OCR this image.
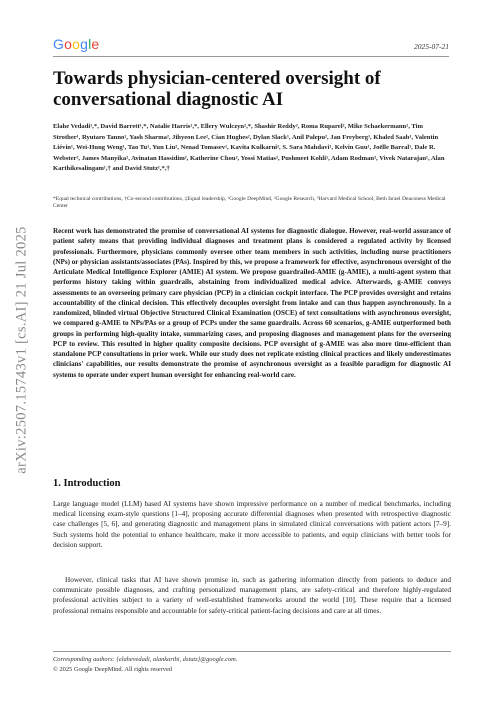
Google	2025-07-21
arXiv:2507.15743v1 [cs.AI] 21 Jul 2025
Towards physician-centered oversight of conversational diagnostic AI

Elahe Vedadi¹,*, David Barrett¹,*, Natalie Harris²,*, Ellery Wulczyn²,*, Shashir Reddy², Roma Ruparel², Mike Schaekermann², Tim Strother¹, Ryutaro Tanno¹, Yash Sharma², Jihyeon Lee², Cían Hughes², Dylan Slack¹, Anil Palepu², Jan Freyberg¹, Khaled Saab¹, Valentin Liévin¹, Wei-Hung Weng¹, Tao Tu¹, Yun Liu², Nenad Tomasev¹, Kavita Kulkarni², S. Sara Mahdavi¹, Kelvin Guu¹, Joëlle Barral¹, Dale R. Webster², James Manyika², Avinatan Hassidim², Katherine Chou², Yossi Matias², Pushmeet Kohli¹, Adam Rodman³, Vivek Natarajan¹, Alan Karthikesalingam¹,† and David Stutz¹,*,†

*Equal technical contributions, †Co-second contributions, ‡Equal leadership, ¹Google DeepMind, ²Google Research, ³Harvard Medical School, Beth Israel Deaconess Medical Center

Recent work has demonstrated the promise of conversational AI systems for diagnostic dialogue. However, real-world assurance of patient safety means that providing individual diagnoses and treatment plans is considered a regulated activity by licensed professionals. Furthermore, physicians commonly oversee other team members in such activities, including nurse practitioners (NPs) or physician assistants/associates (PAs). Inspired by this, we propose a framework for effective, asynchronous oversight of the Articulate Medical Intelligence Explorer (AMIE) AI system. We propose guardrailed-AMIE (g-AMIE), a multi-agent system that performs history taking within guardrails, abstaining from individualized medical advice. Afterwards, g-AMIE conveys assessments to an overseeing primary care physician (PCP) in a clinician cockpit interface. The PCP provides oversight and retains accountability of the clinical decision. This effectively decouples oversight from intake and can thus happen asynchronously. In a randomized, blinded virtual Objective Structured Clinical Examination (OSCE) of text consultations with asynchronous oversight, we compared g-AMIE to NPs/PAs or a group of PCPs under the same guardrails. Across 60 scenarios, g-AMIE outperformed both groups in performing high-quality intake, summarizing cases, and proposing diagnoses and management plans for the overseeing PCP to review. This resulted in higher quality composite decisions. PCP oversight of g-AMIE was also more time-efficient than standalone PCP consultations in prior work. While our study does not replicate existing clinical practices and likely underestimates clinicians' capabilities, our results demonstrate the promise of asynchronous oversight as a feasible paradigm for diagnostic AI systems to operate under expert human oversight for enhancing real-world care.

1. Introduction

Large language model (LLM) based AI systems have shown impressive performance on a number of medical benchmarks, including medical licensing exam-style questions [1–4], proposing accurate differential diagnoses when presented with retrospective diagnostic case challenges [5, 6], and generating diagnostic and management plans in simulated clinical conversations with patient actors [7–9]. Such systems hold the potential to enhance healthcare, make it more accessible to patients, and equip clinicians with better tools for decision support.

However, clinical tasks that AI have shown promise in, such as gathering information directly from patients to deduce and communicate possible diagnoses, and crafting personalized management plans, are safety-critical and therefore highly-regulated professional activities subject to a variety of well-established frameworks around the world [10]. These require that a licensed professional remains responsible and accountable for safety-critical patient-facing decisions and care at all times.

Corresponding authors: {elahevedadi, alankarthi, dstutz}@google.com.

© 2025 Google DeepMind. All rights reserved
